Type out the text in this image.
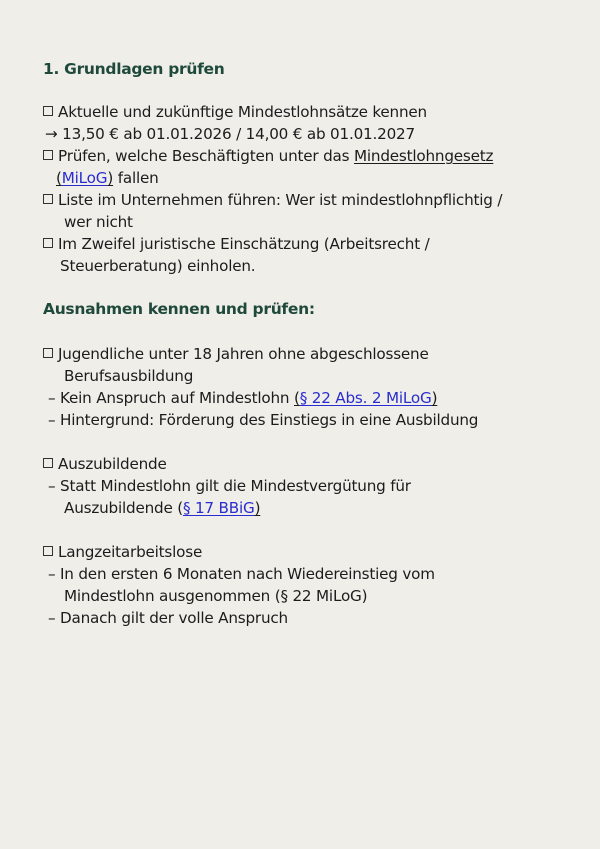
1. Grundlagen prüfen
Aktuelle und zukünftige Mindestlohnsätze kennen
→ 13,50 € ab 01.01.2026 / 14,00 € ab 01.01.2027
Prüfen, welche Beschäftigten unter das Mindestlohngesetz
(MiLoG) fallen
Liste im Unternehmen führen: Wer ist mindestlohnpflichtig /
wer nicht
Im Zweifel juristische Einschätzung (Arbeitsrecht /
Steuerberatung) einholen.
Ausnahmen kennen und prüfen:
Jugendliche unter 18 Jahren ohne abgeschlossene
Berufsausbildung
– Kein Anspruch auf Mindestlohn (§ 22 Abs. 2 MiLoG)
– Hintergrund: Förderung des Einstiegs in eine Ausbildung
Auszubildende
– Statt Mindestlohn gilt die Mindestvergütung für
Auszubildende (§ 17 BBiG)
Langzeitarbeitslose
– In den ersten 6 Monaten nach Wiedereinstieg vom
Mindestlohn ausgenommen (§ 22 MiLoG)
– Danach gilt der volle Anspruch
